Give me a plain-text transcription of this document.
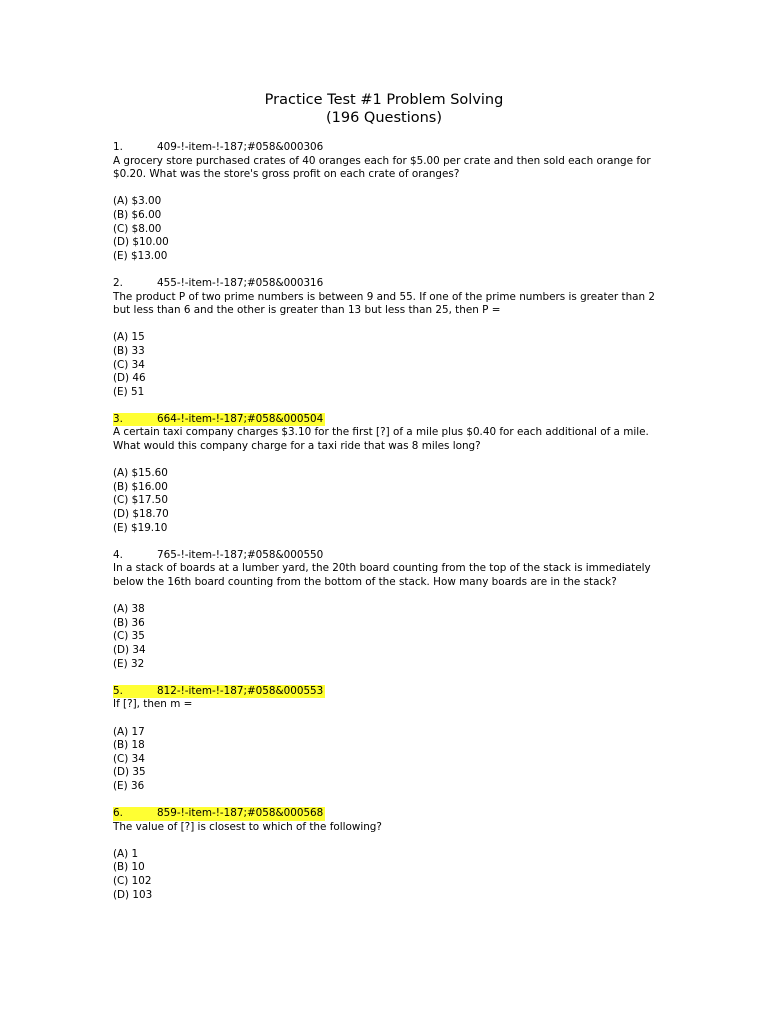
Practice Test #1 Problem Solving
(196 Questions)
1.	409-!-item-!-187;#058&000306
A grocery store purchased crates of 40 oranges each for $5.00 per crate and then sold each orange for $0.20. What was the store's gross profit on each crate of oranges?
(A) $3.00
(B) $6.00
(C) $8.00
(D) $10.00
(E) $13.00
2.	455-!-item-!-187;#058&000316
The product P of two prime numbers is between 9 and 55. If one of the prime numbers is greater than 2 but less than 6 and the other is greater than 13 but less than 25, then P =
(A) 15
(B) 33
(C) 34
(D) 46
(E) 51
3.	664-!-item-!-187;#058&000504
A certain taxi company charges $3.10 for the first [?] of a mile plus $0.40 for each additional of a mile. What would this company charge for a taxi ride that was 8 miles long?
(A) $15.60
(B) $16.00
(C) $17.50
(D) $18.70
(E) $19.10
4.	765-!-item-!-187;#058&000550
In a stack of boards at a lumber yard, the 20th board counting from the top of the stack is immediately below the 16th board counting from the bottom of the stack. How many boards are in the stack?
(A) 38
(B) 36
(C) 35
(D) 34
(E) 32
5.	812-!-item-!-187;#058&000553
If [?], then m =
(A) 17
(B) 18
(C) 34
(D) 35
(E) 36
6.	859-!-item-!-187;#058&000568
The value of [?] is closest to which of the following?
(A) 1
(B) 10
(C) 102
(D) 103
